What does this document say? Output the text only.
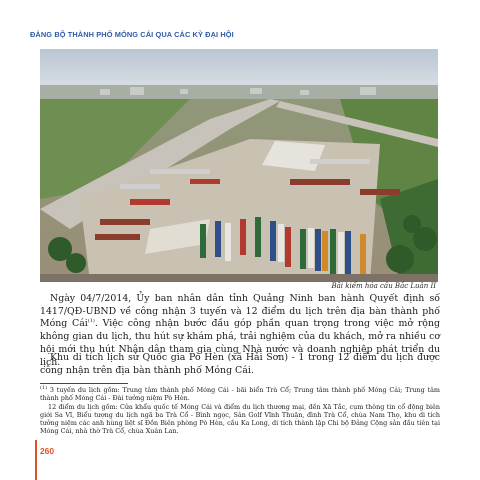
ĐẢNG BỘ THÀNH PHỐ MÓNG CÁI QUA CÁC KỲ ĐẠI HỘI
Bãi kiểm hóa cầu Bắc Luân II
Ngày 04/7/2014, Ủy ban nhân dân tỉnh Quảng Ninh ban hành Quyết định số 1417/QĐ-UBND về công nhận 3 tuyến và 12 điểm du lịch trên địa bàn thành phố Móng Cái$^{(1)}$. Việc công nhận bước đầu góp phần quan trọng trong việc mở rộng không gian du lịch, thu hút sự khám phá, trải nghiệm của du khách, mở ra nhiều cơ hội mới thu hút Nhân dân tham gia cùng Nhà nước và doanh nghiệp phát triển du lịch.
Khu di tích lịch sử Quốc gia Pò Hèn (xã Hải Sơn) - 1 trong 12 điểm du lịch được công nhận trên địa bàn thành phố Móng Cái.

$^{(1)}$ 3 tuyến du lịch gồm: Trung tâm thành phố Móng Cái - bãi biển Trà Cổ; Trung tâm thành phố Móng Cái; Trung tâm thành phố Móng Cái - Đài tưởng niệm Pò Hèn.

12 điểm du lịch gồm: Cửa khẩu quốc tế Móng Cái và điểm du lịch thương mại, đền Xã Tắc, cụm thông tin cổ động biên giới Sa Vĩ, Biểu tượng du lịch ngã ba Trà Cổ - Bình ngọc, Sân Golf Vĩnh Thuận, đình Trà Cổ, chùa Nam Thọ, khu di tích tưởng niệm các anh hùng liệt sĩ Đồn Biên phòng Pò Hèn, cầu Ka Long, di tích thành lập Chi bộ Đảng Cộng sản đầu tiên tại Móng Cái, nhà thờ Trà Cổ, chùa Xuân Lan.

260
